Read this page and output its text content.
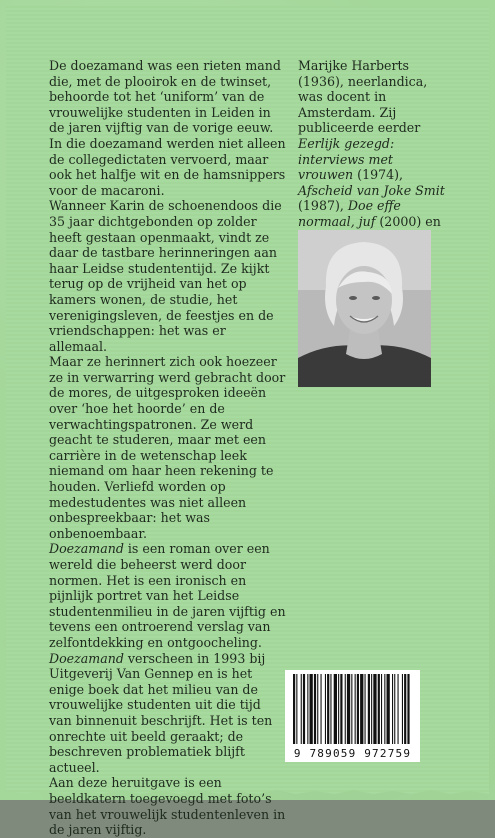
De doezamand was een rieten mand die, met de plooirok en de twinset, behoorde tot het ‘uniform’ van de vrouwelijke studenten in Leiden in de jaren vijftig van de vorige eeuw. In die doezamand werden niet alleen de collegedictaten vervoerd, maar ook het halfje wit en de hamsnippers voor de macaroni.

Wanneer Karin de schoenendoos die 35 jaar dichtgebonden op zolder heeft gestaan openmaakt, vindt ze daar de tastbare herinneringen aan haar Leidse studententijd. Ze kijkt terug op de vrijheid van het op kamers wonen, de studie, het verenigingsleven, de feestjes en de vriendschappen: het was er allemaal.

Maar ze herinnert zich ook hoezeer ze in verwarring werd gebracht door de mores, de uitgesproken ideeën over ‘hoe het hoorde’ en de verwachtingspatronen. Ze werd geacht te studeren, maar met een carrière in de wetenschap leek niemand om haar heen rekening te houden. Verliefd worden op medestudentes was niet alleen onbespreekbaar: het was onbenoembaar.

Doezamand is een roman over een wereld die beheerst werd door normen. Het is een ironisch en pijnlijk portret van het Leidse studentenmilieu in de jaren vijftig en tevens een ontroerend verslag van zelfontdekking en ontgoocheling.

Doezamand verscheen in 1993 bij Uitgeverij Van Gennep en is het enige boek dat het milieu van de vrouwelijke studenten uit die tijd van binnenuit beschrijft. Het is ten onrechte uit beeld geraakt; de beschreven problematiek blijft actueel.

Aan deze heruitgave is een beeldkatern toegevoegd met foto’s van het vrouwelijk studentenleven in de jaren vijftig.

Marijke Harberts (1936), neerlandica, was docent in Amsterdam. Zij publiceerde eerder Eerlijk gezegd: interviews met vrouwen (1974), Afscheid van Joke Smit (1987), Doe effe normaal, juf (2000) en
9 789059 972759
